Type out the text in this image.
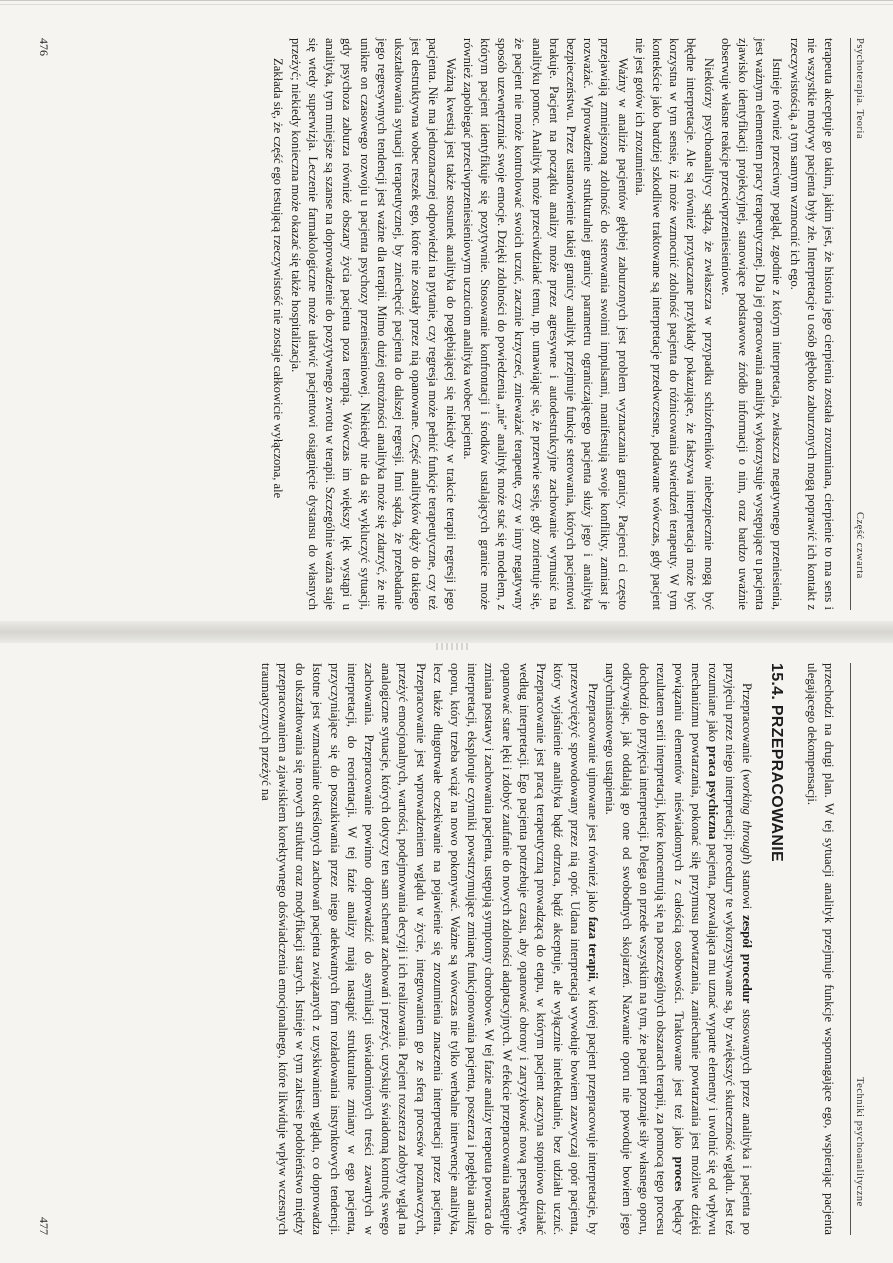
Psychoterapia. Teoria
Część czwarta

terapeuta akceptuje go takim, jakim jest, że historia jego cierpienia została zrozumiana, cierpienie to ma sens i nie wszystkie motywy pacjenta były złe. Interpretacje u osób głęboko zaburzonych mogą poprawić ich kontakt z rzeczywistością, a tym samym wzmocnić ich ego.

Istnieje również przeciwny pogląd, zgodnie z którym interpretacja, zwłaszcza negatywnego przeniesienia, jest ważnym elementem pracy terapeutycznej. Dla jej opracowania analityk wykorzystuje występujące u pacjenta zjawisko identyfikacji projekcyjnej, stanowiące podstawowe źródło informacji o nim, oraz bardzo uważnie obserwuje własne reakcje przeciwprzeniesieniowe.

Niektórzy psychoanalitycy sądzą, że zwłaszcza w przypadku schizofreników niebezpiecznie mogą być błędne interpretacje. Ale są również przytaczane przykłady pokazujące, że fałszywa interpretacja może być korzystna w tym sensie, iż może wzmocnić zdolność pacjenta do różnicowania stwierdzeń terapeuty. W tym kontekście jako bardziej szkodliwe traktowane są interpretacje przedwczesne, podawane wówczas, gdy pacjent nie jest gotów ich zrozumienia.

Ważny w analizie pacjentów głębiej zaburzonych jest problem wyznaczania granicy. Pacjenci ci często przejawiają zmniejszoną zdolność do sterowania swoimi impulsami, manifestują swoje konflikty, zamiast je rozważać. Wprowadzenie strukturalnej granicy parametru ograniczającego pacjenta służy jego i analityka bezpieczeństwu. Przez ustanowienie takiej granicy analityk przejmuje funkcje sterowania, których pacjentowi brakuje. Pacjent na początku analizy może przez agresywne i autodestrukcyjne zachowanie wymusić na analityku pomoc. Analityk może przeciwdziałać temu, np. umawiając się, że przerwie sesję, gdy zorientuje się, że pacjent nie może kontrolować swoich uczuć, zacznie krzyczeć, znieważać terapeutę, czy w inny negatywny sposób uzewnętrzniać swoje emocje. Dzięki zdolności do powiedzenia „nie” analityk może stać się modelem, z którym pacjent identyfikuje się pozytywnie. Stosowanie konfrontacji i środków ustalających granice może również zapobiegać przeciwprzeniesieniowym uczuciom analityka wobec pacjenta.

Ważną kwestią jest także stosunek analityka do pogłębiającej się niekiedy w trakcie terapii regresji jego pacjenta. Nie ma jednoznacznej odpowiedzi na pytanie, czy regresja może pełnić funkcje terapeutyczne, czy też jest destruktywna wobec reszek ego, które nie zostały przez nią opanowane. Część analityków dąży do takiego ukształtowania sytuacji terapeutycznej, by zniechęcić pacjenta do dalszej regresji. Inni sądzą, że przebadanie jego regresywnych tendencji jest ważne dla terapii. Mimo dużej ostrożności analityka może się zdarzyć, że nie unikne on czasowego rozwoju u pacjenta psychozy przeniesieniowej. Niekiedy nie da się wykluczyć sytuacji, gdy psychoza zaburza również obszary życia pacjenta poza terapią. Wówczas im większy lęk wystąpi u analityka, tym mniejsze są szanse na doprowadzenie do pozytywnego zwrotu w terapii. Szczególnie ważna staje się wtedy superwizja. Leczenie farmakologiczne może ułatwić pacjentowi osiągnięcie dystansu do własnych przeżyć; niekiedy konieczna może okazać się także hospitalizacja.

Zakłada się, że część ego testującą rzeczywistość nie zostaje całkowicie wyłączona, ale

476
Techniki psychoanalityczne

przechodzi na drugi plan. W tej sytuacji analityk przejmuje funkcje wspomagające ego, wspierając pacjenta ulegającego dekompensacji.

15.4. PRZEPRACOWANIE

Przepracowanie (working through) stanowi zespół procedur stosowanych przez analityka i pacjenta po przyjęciu przez niego interpretacji; procedury te wykorzystywane są, by zwiększyć skuteczność wglądu. Jest też rozumiane jako praca psychiczna pacjenta, pozwalająca mu uznać wyparte elementy i uwolnić się od wpływu mechanizmu powtarzania, pokonać siłę przymusu powtarzania, zaniechanie powtarzania jest możliwe dzięki powiązaniu elementów nieświadomych z całością osobowości. Traktowane jest też jako proces będący rezultatem serii interpretacji, które koncentrują się na poszczególnych obszarach terapii, za pomocą tego procesu dochodzi do przyjęcia interpretacji. Polega on przede wszystkim na tym, że pacjent poznaje siły własnego oporu, odkrywając, jak oddalają go one od swobodnych skojarzeń. Nazwanie oporu nie powoduje bowiem jego natychmiastowego ustąpienia.

Przepracowanie ujmowane jest również jako faza terapii, w której pacjent przepracowuje interpretacje, by przezwyciężyć spowodowany przez nią opór. Udana interpretacja wywołuje bowiem zazwyczaj opór pacjenta, który wyjaśnienie analityka bądź odrzuca, bądź akceptuje, ale wyłącznie intelektualnie, bez udziału uczuć. Przepracowanie jest pracą terapeutyczną prowadzącą do etapu, w którym pacjent zaczyna stopniowo działać według interpretacji. Ego pacjenta potrzebuje czasu, aby opanować obrony i zaryzykować nową perspektywę, opanować stare lęki i zdobyć zaufanie do nowych zdolności adaptacyjnych. W efekcie przepracowania następuje zmiana postawy i zachowania pacjenta, ustępują symptomy chorobowe. W tej fazie analizy terapeuta powraca do interpretacji, eksploruje czynniki powstrzymujące zmianę funkcjonowania pacjenta, poszerza i pogłębia analizę oporu, który trzeba wciąż na nowo pokonywać. Ważne są wówczas nie tylko werbalne interwencje analityka, lecz także długotrwałe oczekiwanie na pojawienie się zrozumienia znaczenia interpretacji przez pacjenta. Przepracowanie jest wprowadzeniem wglądu w życie, integrowaniem go ze sferą procesów poznawczych, przeżyć emocjonalnych, wartości, podejmowania decyzji i ich realizowania. Pacjent rozszerza zdobyty wgląd na analogiczne sytuacje, których dotyczy ten sam schemat zachowań i przeżyć, uzyskuje świadomą kontrolę swego zachowania. Przepracowanie powinno doprowadzić do asymilacji uświadomionych treści zawartych w interpretacji, do reorientacji. W tej fazie analizy mają nastąpić strukturalne zmiany w ego pacjenta, przyczyniające się do poszukiwania przez niego adekwatnych form rozładowania instynktowych tendencji. Istotne jest wzmacnianie określonych zachowań pacjenta związanych z uzyskiwaniem wglądu, co doprowadza do ukształtowania się nowych struktur oraz modyfikacji starych. Istnieje w tym zakresie podobieństwo między przepracowaniem a zjawiskiem korektywnego doświadczenia emocjonalnego, które likwiduje wpływ wczesnych traumatycznych przeżyć na

477
